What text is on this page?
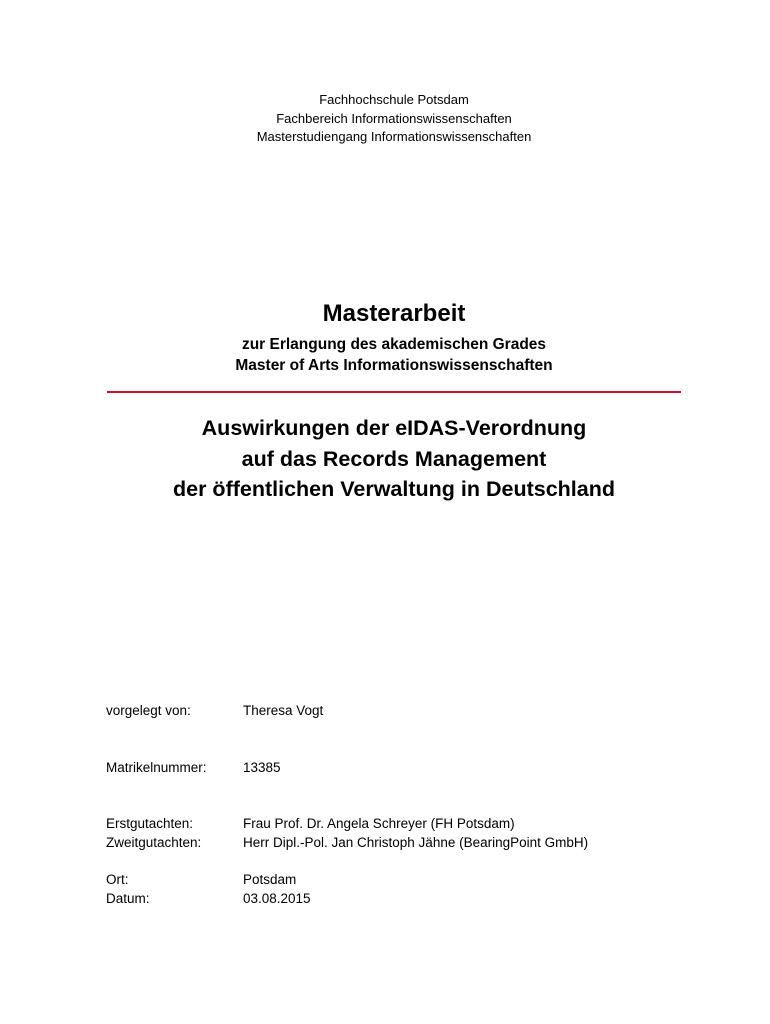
Fachhochschule Potsdam
Fachbereich Informationswissenschaften
Masterstudiengang Informationswissenschaften
Masterarbeit
zur Erlangung des akademischen Grades
Master of Arts Informationswissenschaften
Auswirkungen der eIDAS-Verordnung
auf das Records Management
der öffentlichen Verwaltung in Deutschland
vorgelegt von:	Theresa Vogt
Matrikelnummer:	13385
Erstgutachten:	Frau Prof. Dr. Angela Schreyer (FH Potsdam)
Zweitgutachten:	Herr Dipl.-Pol. Jan Christoph Jähne (BearingPoint GmbH)
Ort:	Potsdam
Datum:	03.08.2015
